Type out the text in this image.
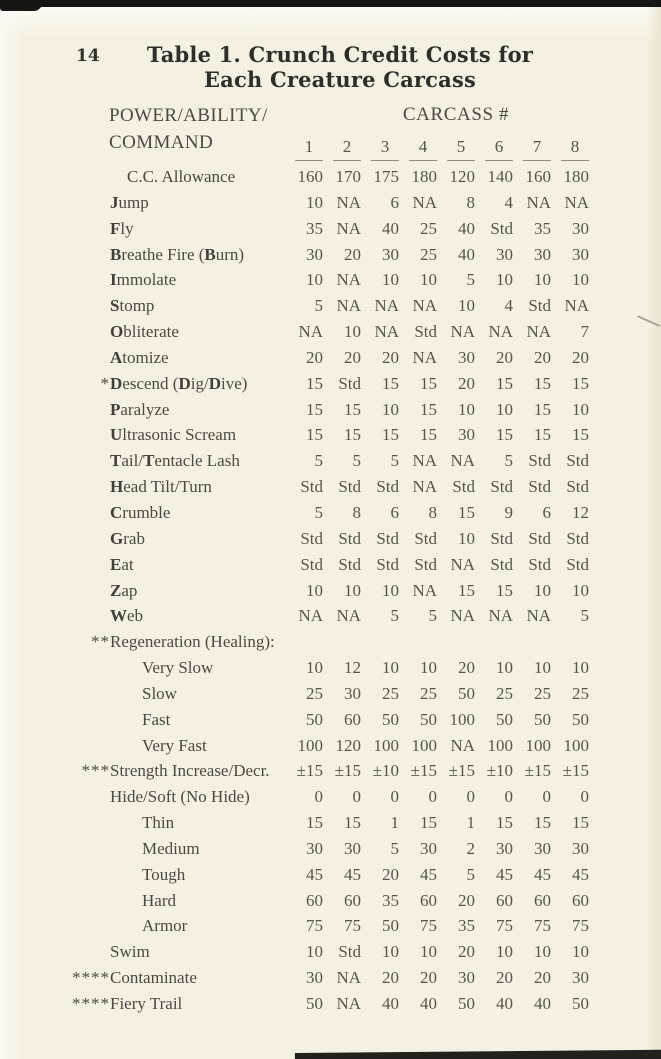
14	Table 1. Crunch Credit Costs for
Each Creature Carcass
POWER/ABILITY/
COMMAND
CARCASS #
		1	2	3	4	5	6	7	8
	C.C. Allowance	160	170	175	180	120	140	160	180
	Jump	10	NA	6	NA	8	4	NA	NA
	Fly	35	NA	40	25	40	Std	35	30
	Breathe Fire (Burn)	30	20	30	25	40	30	30	30
	Immolate	10	NA	10	10	5	10	10	10
	Stomp	5	NA	NA	NA	10	4	Std	NA
	Obliterate	NA	10	NA	Std	NA	NA	NA	7
	Atomize	20	20	20	NA	30	20	20	20
*	Descend (Dig/Dive)	15	Std	15	15	20	15	15	15
	Paralyze	15	15	10	15	10	10	15	10
	Ultrasonic Scream	15	15	15	15	30	15	15	15
	Tail/Tentacle Lash	5	5	5	NA	NA	5	Std	Std
	Head Tilt/Turn	Std	Std	Std	NA	Std	Std	Std	Std
	Crumble	5	8	6	8	15	9	6	12
	Grab	Std	Std	Std	Std	10	Std	Std	Std
	Eat	Std	Std	Std	Std	NA	Std	Std	Std
	Zap	10	10	10	NA	15	15	10	10
	Web	NA	NA	5	5	NA	NA	NA	5
**	Regeneration (Healing):								
	Very Slow	10	12	10	10	20	10	10	10
	Slow	25	30	25	25	50	25	25	25
	Fast	50	60	50	50	100	50	50	50
	Very Fast	100	120	100	100	NA	100	100	100
***	Strength Increase/Decr.	±15	±15	±10	±15	±15	±10	±15	±15
	Hide/Soft (No Hide)	0	0	0	0	0	0	0	0
	Thin	15	15	1	15	1	15	15	15
	Medium	30	30	5	30	2	30	30	30
	Tough	45	45	20	45	5	45	45	45
	Hard	60	60	35	60	20	60	60	60
	Armor	75	75	50	75	35	75	75	75
	Swim	10	Std	10	10	20	10	10	10
****	Contaminate	30	NA	20	20	30	20	20	30
****	Fiery Trail	50	NA	40	40	50	40	40	50
